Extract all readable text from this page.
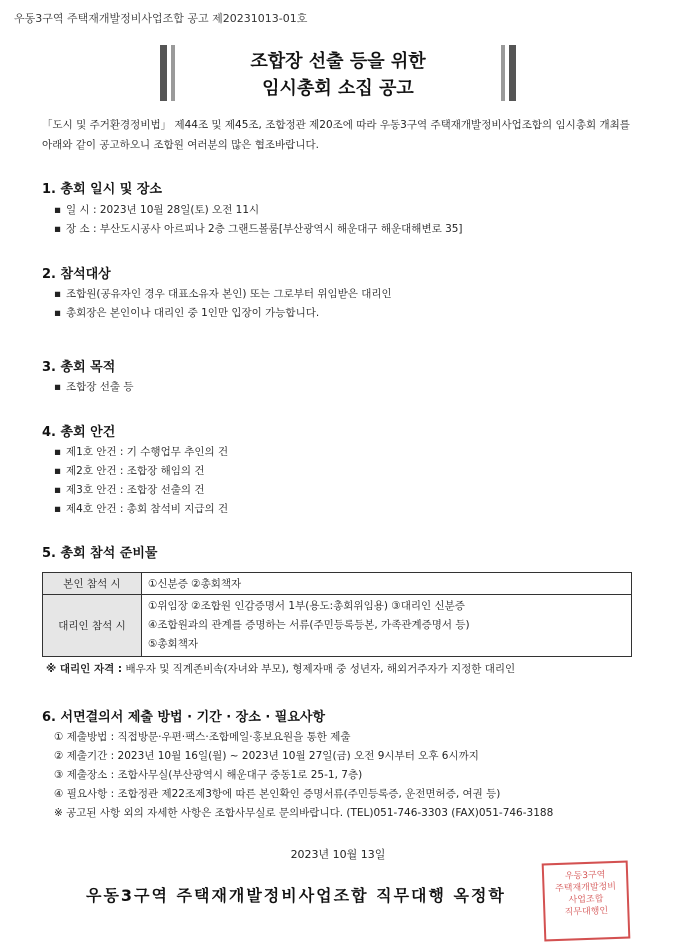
우동3구역 주택재개발정비사업조합 공고 제20231013-01호
조합장 선출 등을 위한
임시총회 소집 공고
「도시 및 주거환경정비법」 제44조 및 제45조, 조합정관 제20조에 따라 우동3구역 주택재개발정비사업조합의 임시총회 개최를 아래와 같이 공고하오니 조합원 여러분의 많은 협조바랍니다.
1. 총회 일시 및 장소
▪ 일 시 : 2023년 10월 28일(토) 오전 11시
▪ 장 소 : 부산도시공사 아르피나 2층 그랜드볼룸[부산광역시 해운대구 해운대해변로 35]
2. 참석대상
▪ 조합원(공유자인 경우 대표소유자 본인) 또는 그로부터 위임받은 대리인
▪ 총회장은 본인이나 대리인 중 1인만 입장이 가능합니다.
3. 총회 목적
▪ 조합장 선출 등
4. 총회 안건
▪ 제1호 안건 : 기 수행업무 추인의 건
▪ 제2호 안건 : 조합장 해임의 건
▪ 제3호 안건 : 조합장 선출의 건
▪ 제4호 안건 : 총회 참석비 지급의 건
5. 총회 참석 준비물
본인 참석 시	①신분증 ②총회책자
대리인 참석 시	①위임장 ②조합원 인감증명서 1부(용도:총회위임용) ③대리인 신분증
④조합원과의 관계를 증명하는 서류(주민등록등본, 가족관계증명서 등)
⑤총회책자
※ 대리인 자격 : 배우자 및 직계존비속(자녀와 부모), 형제자매 중 성년자, 해외거주자가 지정한 대리인
6. 서면결의서 제출 방법 · 기간 · 장소 · 필요사항
① 제출방법 : 직접방문·우편·팩스·조합메일·홍보요원을 통한 제출
② 제출기간 : 2023년 10월 16일(월) ~ 2023년 10월 27일(금) 오전 9시부터 오후 6시까지
③ 제출장소 : 조합사무실(부산광역시 해운대구 중동1로 25-1, 7층)
④ 필요사항 : 조합정관 제22조제3항에 따른 본인확인 증명서류(주민등록증, 운전면허증, 여권 등)
※ 공고된 사항 외의 자세한 사항은 조합사무실로 문의바랍니다. (TEL)051-746-3303 (FAX)051-746-3188
2023년 10월 13일
우동3구역 주택재개발정비사업조합 직무대행 옥정학
우동3구역
주택재개발정비
사업조합
직무대행인
